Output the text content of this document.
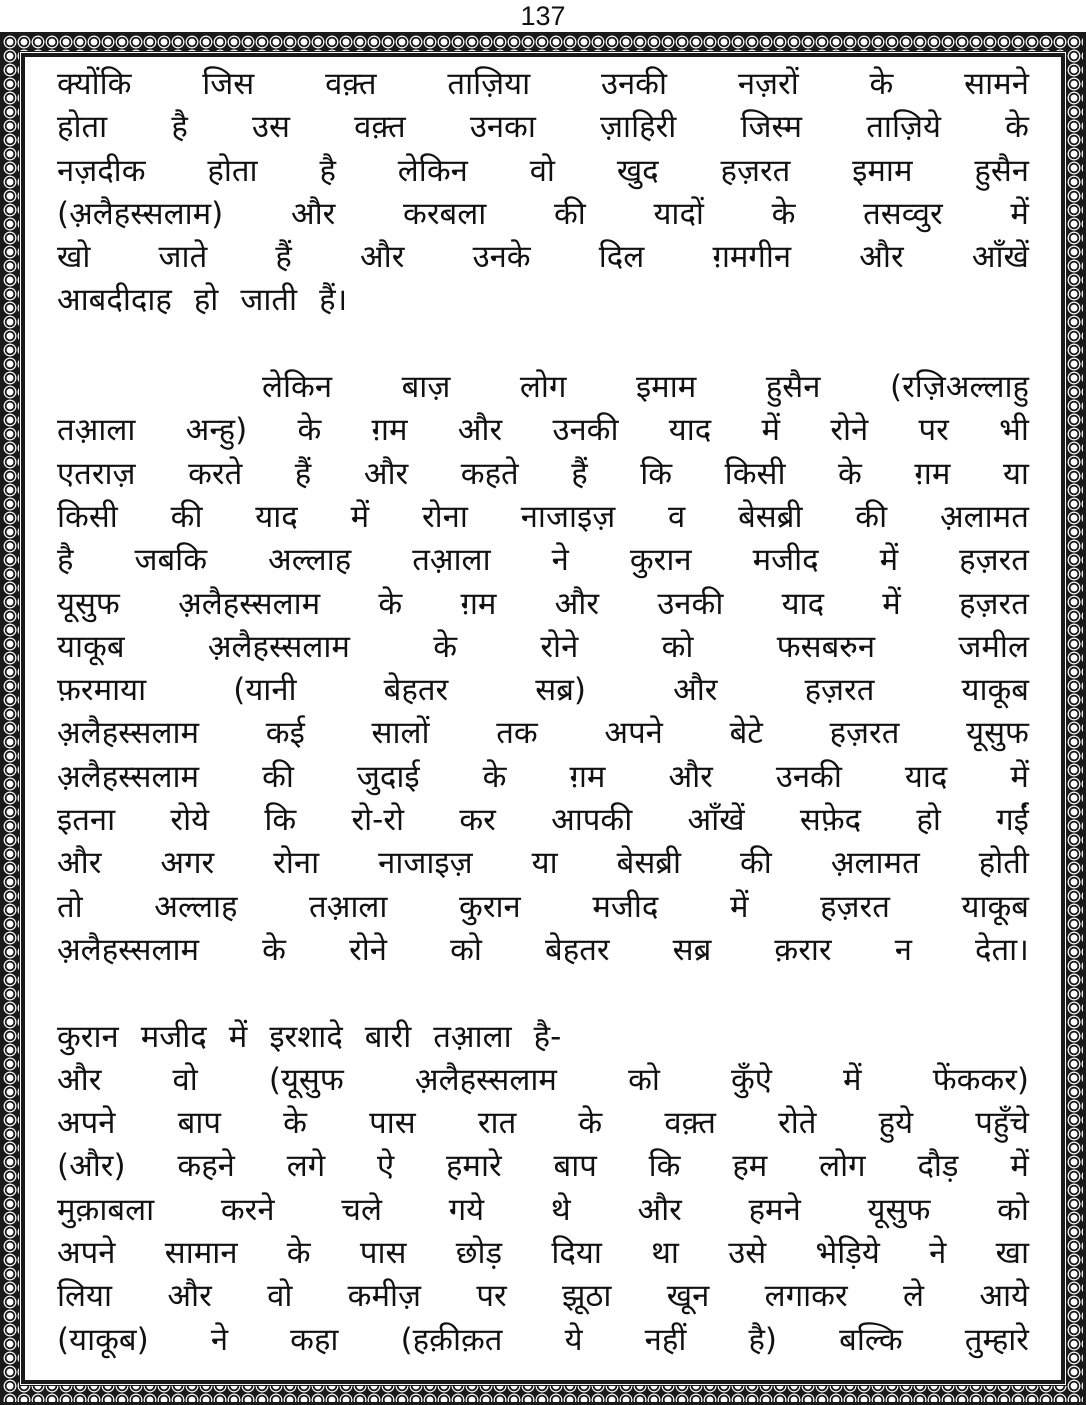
137
क्योंकि जिस वक़्त ताज़िया उनकी नज़रों के सामने
होता है उस वक़्त उनका ज़ाहिरी जिस्म ताज़िये के
नज़दीक होता है लेकिन वो खुद हज़रत इमाम हुसैन
(अ़लैहस्सलाम) और करबला की यादों के तसव्वुर में
खो जाते हैं और उनके दिल ग़मगीन और आँखें
आबदीदाह हो जाती हैं।
लेकिन बाज़ लोग इमाम हुसैन (रज़िअल्लाहु
तआ़ला अन्हु) के ग़म और उनकी याद में रोने पर भी
एतराज़ करते हैं और कहते हैं कि किसी के ग़म या
किसी की याद में रोना नाजाइज़ व बेसब्री की अ़लामत
है जबकि अल्लाह तआ़ला ने कुरान मजीद में हज़रत
यूसुफ अ़लैहस्सलाम के ग़म और उनकी याद में हज़रत
याकूब	अ़लैहस्सलाम	के	रोने	को	फसबरुन	जमील
फ़रमाया	(यानी	बेहतर	सब्र)	और	हज़रत	याकूब
अ़लैहस्सलाम कई सालों तक अपने बेटे हज़रत यूसुफ
अ़लैहस्सलाम की जुदाई के ग़म और उनकी याद में
इतना रोये कि रो-रो कर आपकी आँखें सफ़ेद हो गईं
और अगर रोना नाजाइज़ या बेसब्री की अ़लामत होती
तो अल्लाह तआ़ला कुरान मजीद में हज़रत याकूब
अ़लैहस्सलाम के रोने को बेहतर सब्र क़रार न देता।
कुरान मजीद में इरशादे बारी तआ़ला है-
और वो (यूसुफ अ़लैहस्सलाम को कुँऐ में फेंककर)
अपने बाप के पास रात के वक़्त रोते हुये पहुँचे
(और) कहने लगे ऐ हमारे बाप कि हम लोग दौड़ में
मुक़ाबला करने चले गये थे और हमने यूसुफ को
अपने सामान के पास छोड़ दिया था उसे भेड़िये ने खा
लिया और वो कमीज़ पर झूठा खून लगाकर ले आये
(याकूब) ने कहा (हक़ीक़त ये नहीं है) बल्कि तुम्हारे
